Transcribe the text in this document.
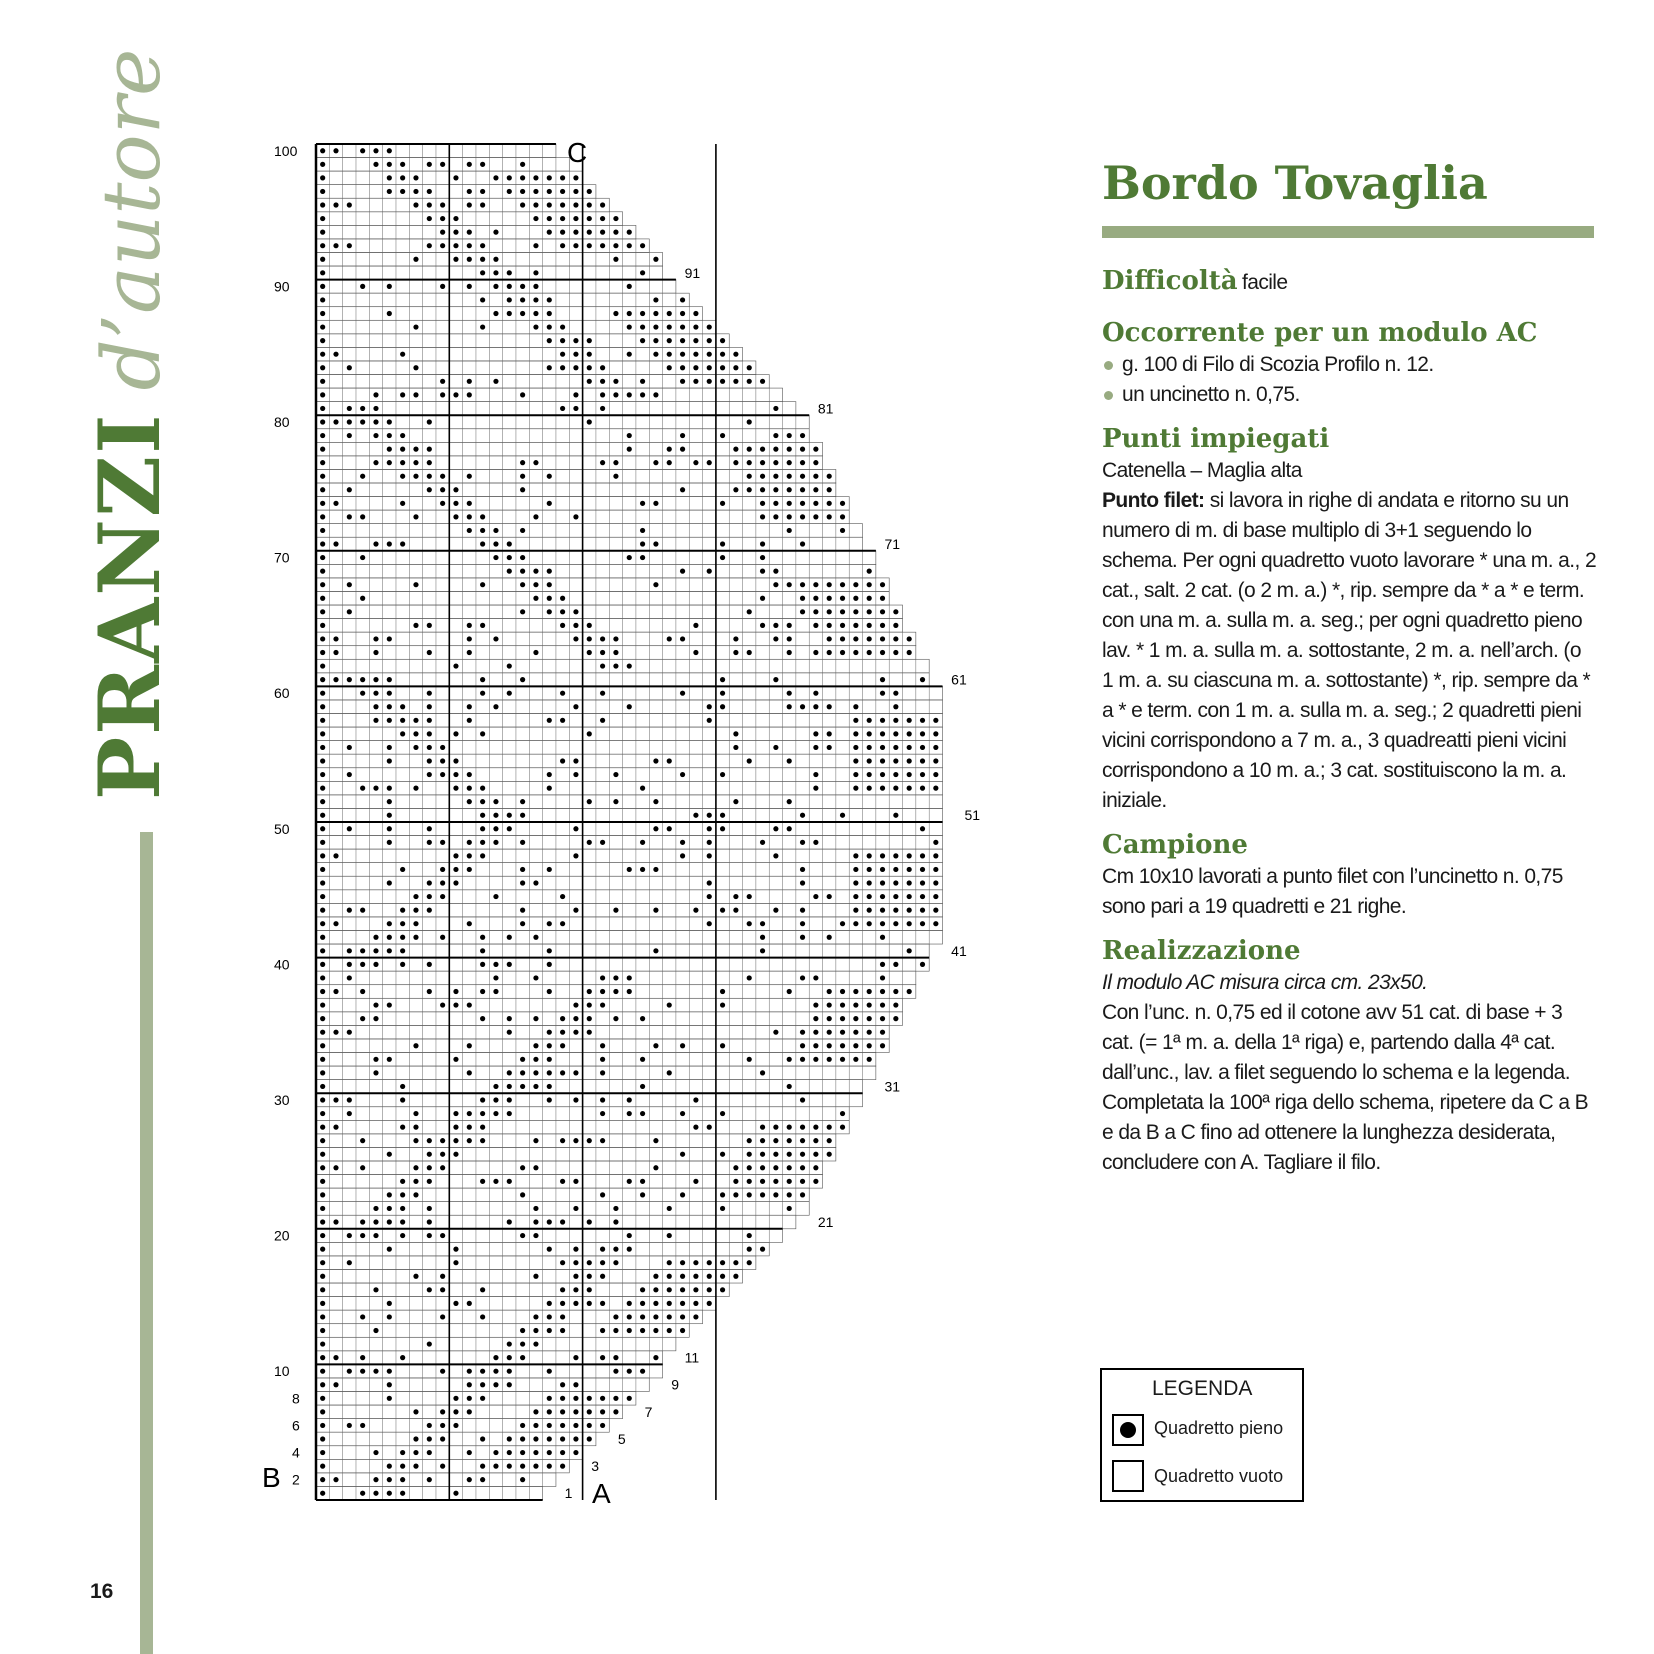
PRANZId’autore
16
100
90
80
70
60
50
40
30
20
10
8
6
4
2
91
81
71
61
51
41
31
21
11
9
7
5
3
1
C
A
B
Bordo Tovaglia
Difficoltà facile
Occorrente per un modulo AC
g. 100 di Filo di Scozia Profilo n. 12.
un uncinetto n. 0,75.
Punti impiegati
Catenella – Maglia alta
Punto filet: si lavora in righe di andata e ritorno su un numero di m. di base multiplo di 3+1 seguendo lo schema. Per ogni quadretto vuoto lavorare * una m. a., 2 cat., salt. 2 cat. (o 2 m. a.) *, rip. sempre da * a * e term. con una m. a. sulla m. a. seg.; per ogni quadretto pieno lav. * 1 m. a. sulla m. a. sottostante, 2 m. a. nell’arch. (o 1 m. a. su ciascuna m. a. sottostante) *, rip. sempre da * a * e term. con 1 m. a. sulla m. a. seg.; 2 quadretti pieni vicini corrispondono a 7 m. a., 3 quadreatti pieni vicini corrispondono a 10 m. a.; 3 cat. sostituiscono la m. a. iniziale.
Campione
Cm 10x10 lavorati a punto filet con l’uncinetto n. 0,75 sono pari a 19 quadretti e 21 righe.
Realizzazione
Il modulo AC misura circa cm. 23x50.
Con l’unc. n. 0,75 ed il cotone avv 51 cat. di base + 3 cat. (= 1ª m. a. della 1ª riga) e, partendo dalla 4ª cat. dall’unc., lav. a filet seguendo lo schema e la legenda. Completata la 100ª riga dello schema, ripetere da C a B e da B a C fino ad ottenere la lunghezza desiderata, concludere con A. Tagliare il filo.
LEGENDA
Quadretto pieno
Quadretto vuoto
